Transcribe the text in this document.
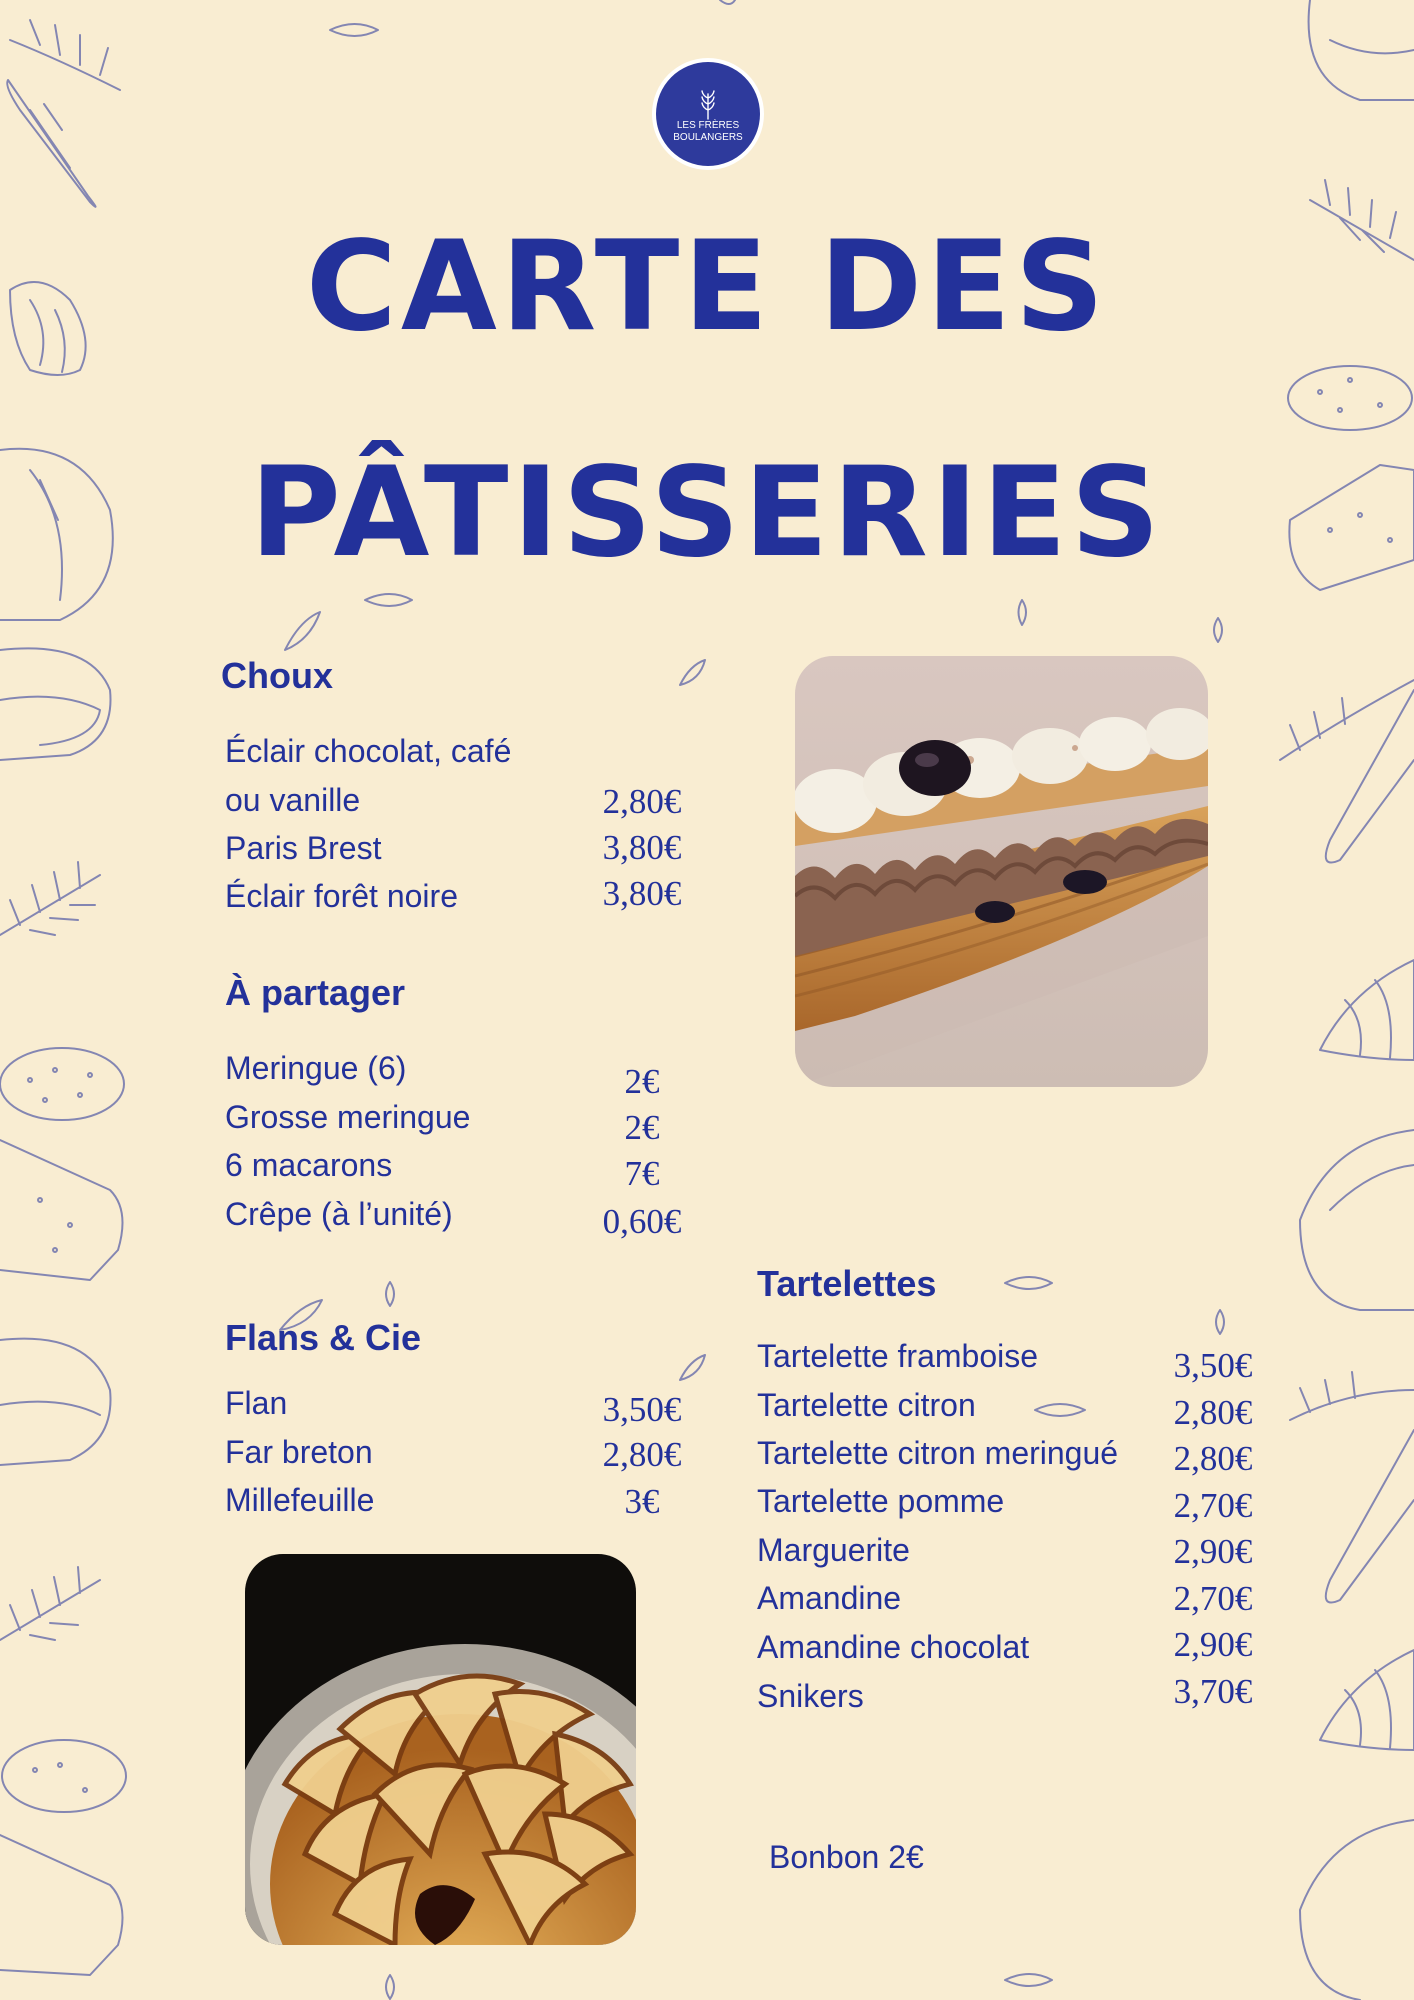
LES FRÈRES
BOULANGERS
CARTE DES
PÂTISSERIES
Choux
Éclair chocolat, café
ou vanille	2,80€
Paris Brest	3,80€
Éclair forêt noire	3,80€
À partager
Meringue (6)	2€
Grosse meringue	2€
6 macarons	7€
Crêpe (à l’unité)	0,60€
Flans & Cie
Flan	3,50€
Far breton	2,80€
Millefeuille	3€
Tartelettes
Tartelette framboise	3,50€
Tartelette citron	2,80€
Tartelette citron meringué	2,80€
Tartelette pomme	2,70€
Marguerite	2,90€
Amandine	2,70€
Amandine chocolat	2,90€
Snikers	3,70€
Bonbon 2€
